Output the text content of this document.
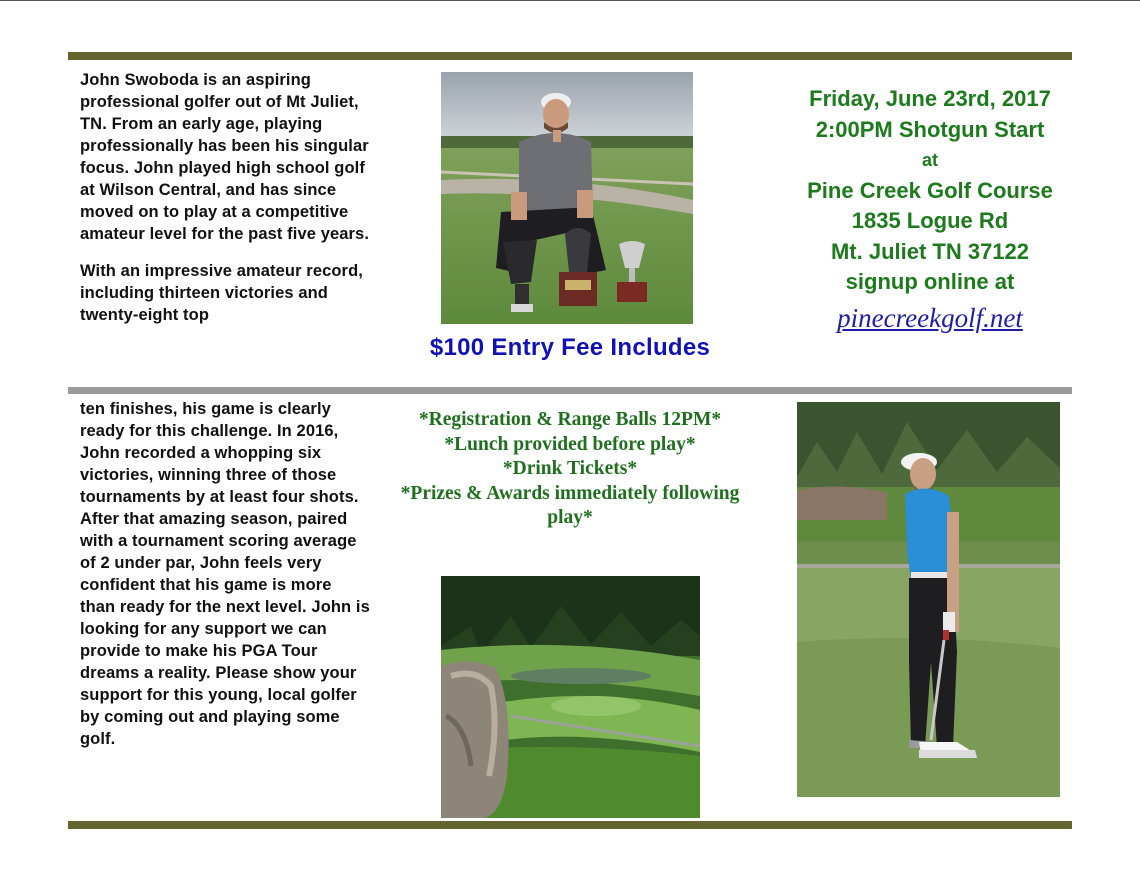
John Swoboda is an aspiring professional golfer out of Mt Juliet, TN. From an early age, playing professionally has been his singular focus. John played high school golf at Wilson Central, and has since moved on to play at a competitive amateur level for the past five years.

With an impressive amateur record, including thirteen victories and twenty-eight top

ten finishes, his game is clearly ready for this challenge. In 2016, John recorded a whopping six victories, winning three of those tournaments by at least four shots. After that amazing season, paired with a tournament scoring average of 2 under par, John feels very confident that his game is more than ready for the next level. John is looking for any support we can provide to make his PGA Tour dreams a reality. Please show your support for this young, local golfer by coming out and playing some golf.

$100 Entry Fee Includes
Friday, June 23rd, 2017
2:00PM Shotgun Start
at
Pine Creek Golf Course
1835 Logue Rd
Mt. Juliet TN 37122
signup online at
pinecreekgolf.net
*Registration & Range Balls 12PM*
*Lunch provided before play*
*Drink Tickets*
*Prizes & Awards immediately following play*
